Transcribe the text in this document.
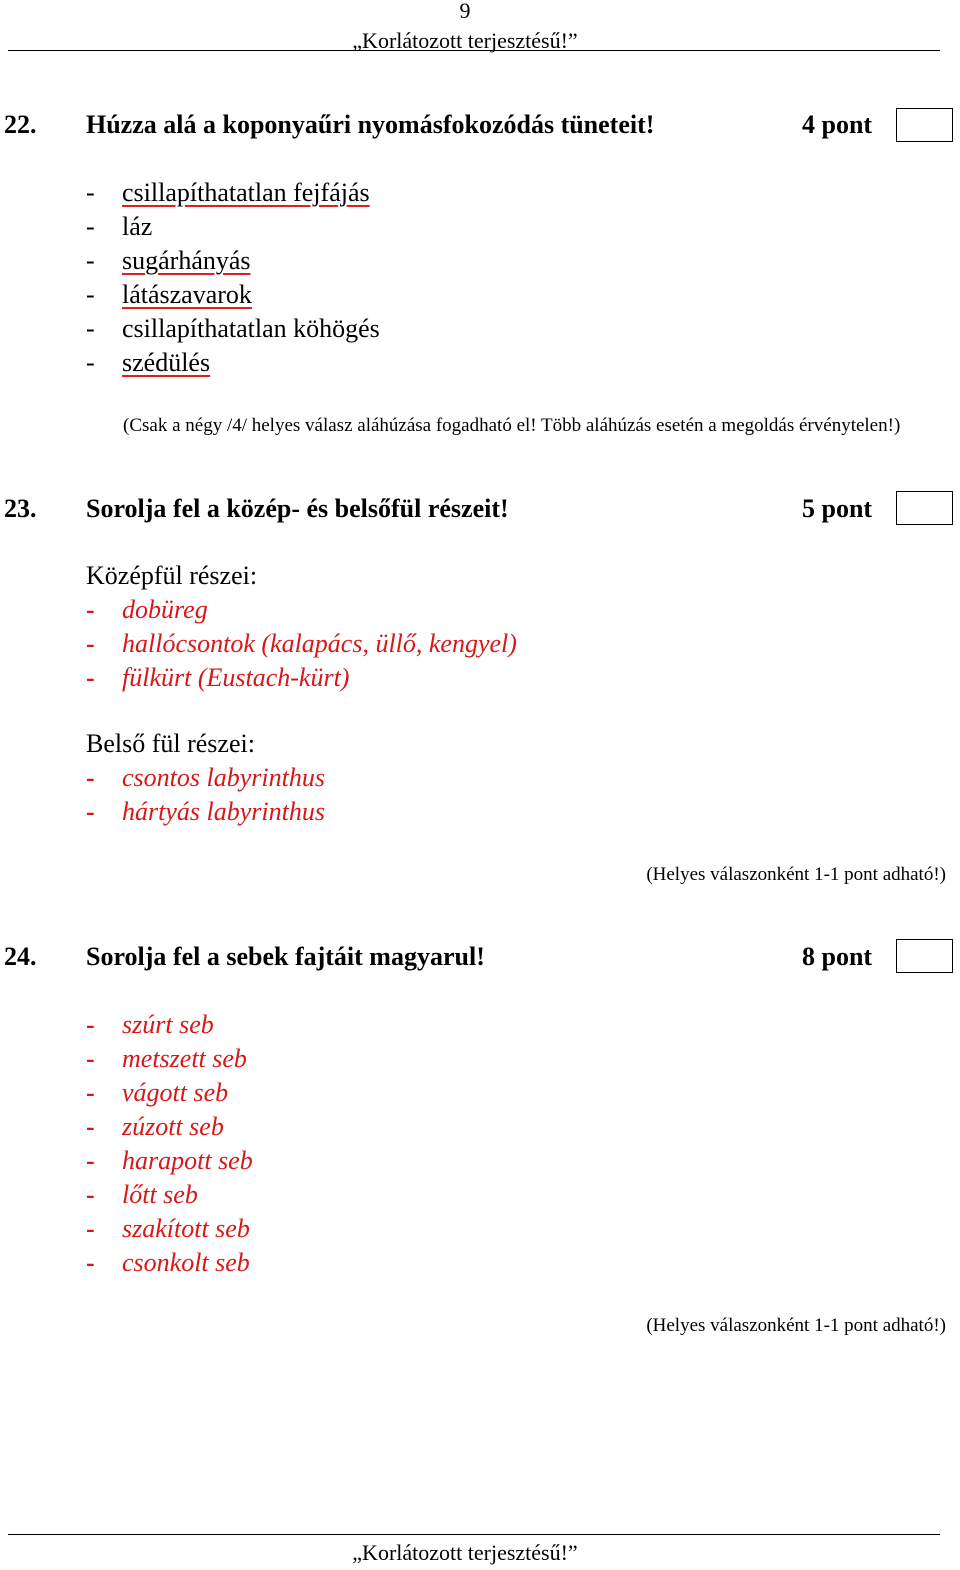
9
„Korlátozott terjesztésű!”
22. Húzza alá a koponyaűri nyomásfokozódás tüneteit!	4 pont
- csillapíthatatlan fejfájás
- láz
- sugárhányás
- látászavarok
- csillapíthatatlan köhögés
- szédülés
(Csak a négy /4/ helyes válasz aláhúzása fogadható el! Több aláhúzás esetén a megoldás érvénytelen!)
23. Sorolja fel a közép- és belsőfül részeit!	5 pont
Középfül részei:
- dobüreg
- hallócsontok (kalapács, üllő, kengyel)
- fülkürt (Eustach-kürt)
Belső fül részei:
- csontos labyrinthus
- hártyás labyrinthus
(Helyes válaszonként 1-1 pont adható!)
24. Sorolja fel a sebek fajtáit magyarul!	8 pont
- szúrt seb
- metszett seb
- vágott seb
- zúzott seb
- harapott seb
- lőtt seb
- szakított seb
- csonkolt seb
(Helyes válaszonként 1-1 pont adható!)
„Korlátozott terjesztésű!”
